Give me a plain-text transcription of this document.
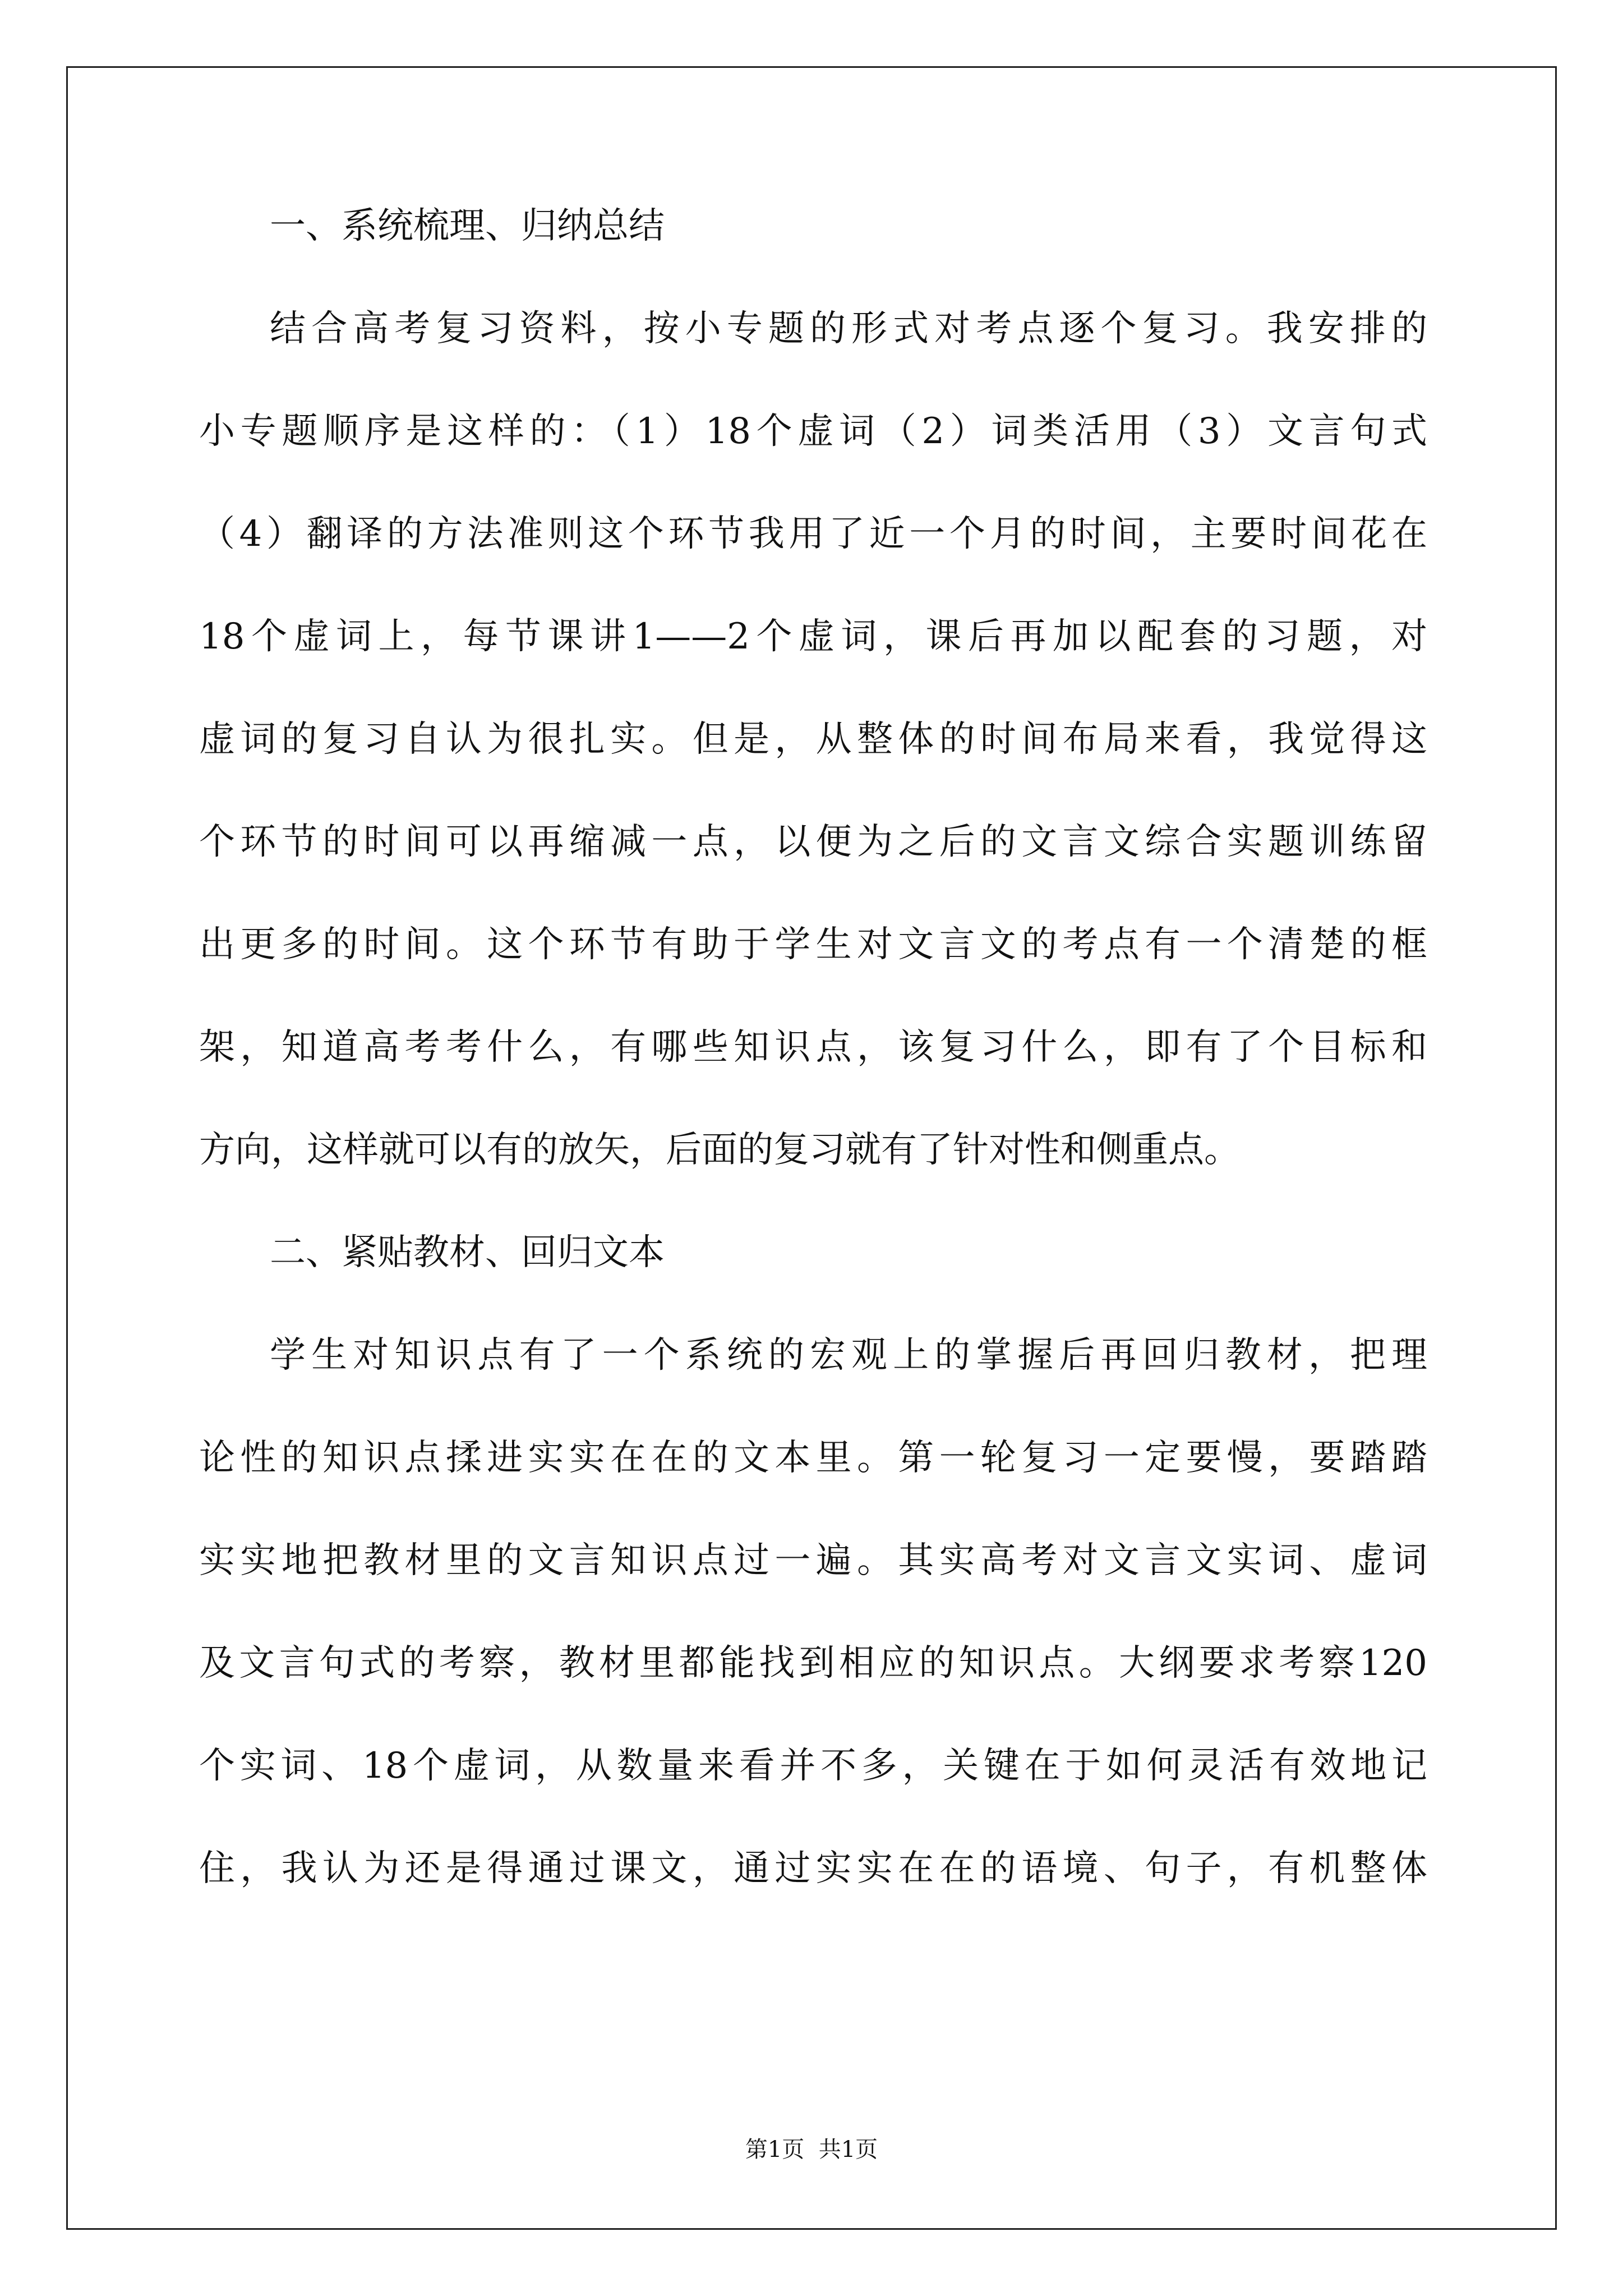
一、系统梳理、归纳总结
结合高考复习资料，按小专题的形式对考点逐个复习。我安排的
小专题顺序是这样的：（1）18个虚词（2）词类活用（3）文言句式
（4）翻译的方法准则这个环节我用了近一个月的时间，主要时间花在
18个虚词上，每节课讲1——2个虚词，课后再加以配套的习题，对
虚词的复习自认为很扎实。但是，从整体的时间布局来看，我觉得这
个环节的时间可以再缩减一点，以便为之后的文言文综合实题训练留
出更多的时间。这个环节有助于学生对文言文的考点有一个清楚的框
架，知道高考考什么，有哪些知识点，该复习什么，即有了个目标和
方向，这样就可以有的放矢，后面的复习就有了针对性和侧重点。
二、紧贴教材、回归文本
学生对知识点有了一个系统的宏观上的掌握后再回归教材，把理
论性的知识点揉进实实在在的文本里。第一轮复习一定要慢，要踏踏
实实地把教材里的文言知识点过一遍。其实高考对文言文实词、虚词
及文言句式的考察，教材里都能找到相应的知识点。大纲要求考察120
个实词、18个虚词，从数量来看并不多，关键在于如何灵活有效地记
住，我认为还是得通过课文，通过实实在在的语境、句子，有机整体
第1页  共1页
